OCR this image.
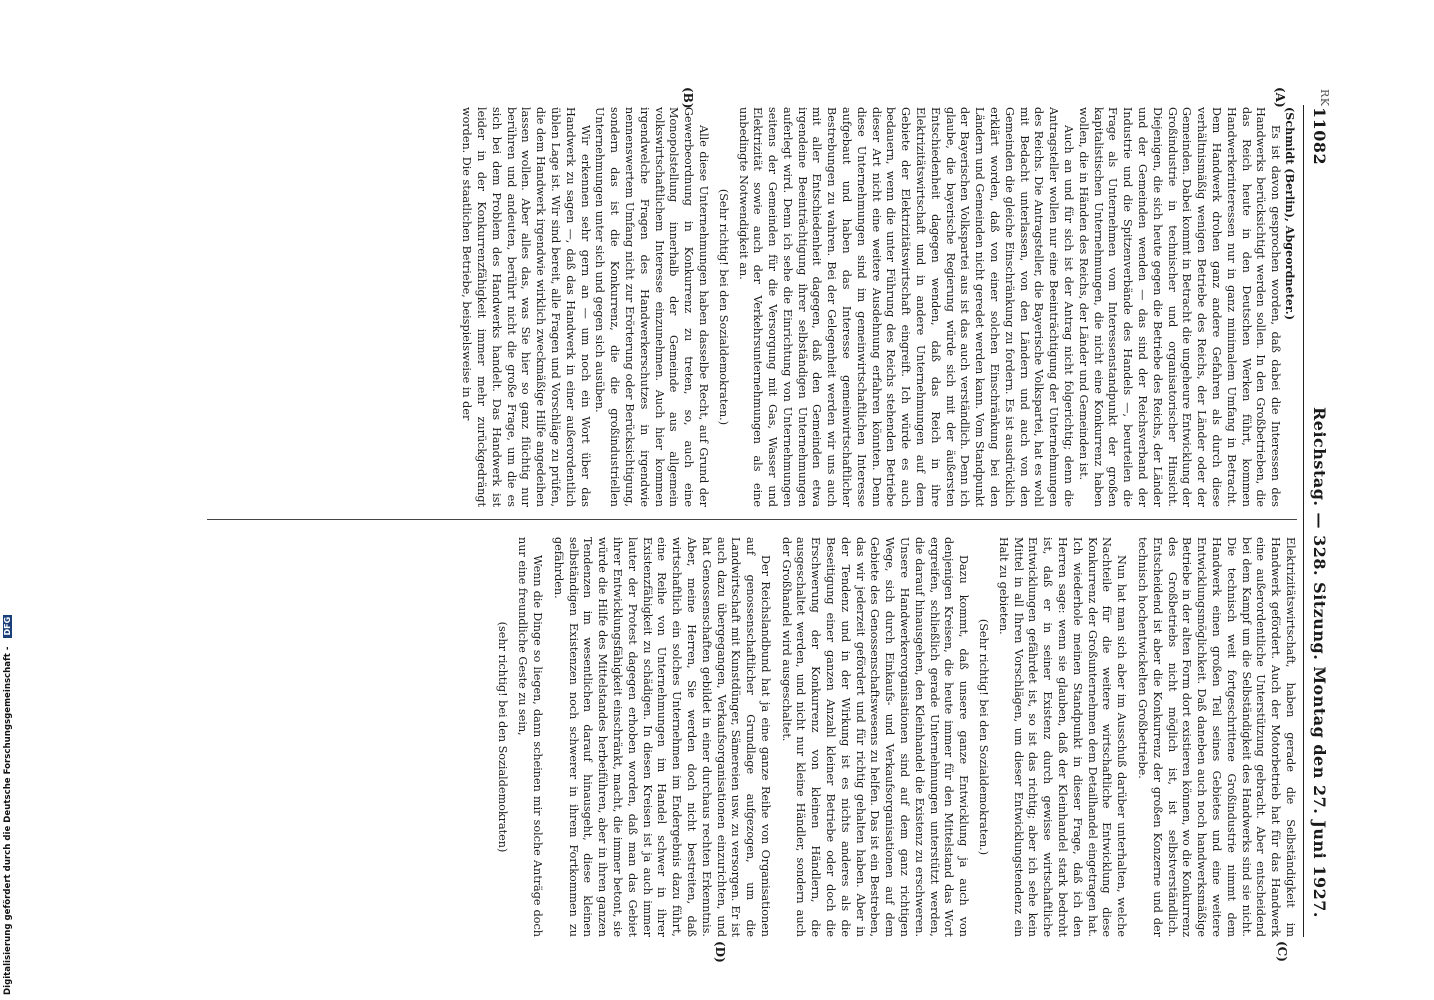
RK
11082
Reichstag. — 328. Sitzung. Montag den 27. Juni 1927.
(A)
(B)
(C)
(D)

(Schmidt (Berlin), Abgeordneter.)

Es ist davon gesprochen worden, daß dabei die Interessen des Handwerks berücksichtigt werden sollen. In den Großbetrieben, die das Reich heute in den Deutschen Werken führt, kommen Handwerkerinteressen nur in ganz minimalem Umfang in Betracht. Dem Handwerk drohen ganz andere Gefahren als durch diese verhältnismäßig wenigen Betriebe des Reichs, der Länder oder der Gemeinden. Dabei kommt in Betracht die ungeheure Entwicklung der Großindustrie in technischer und organisatorischer Hinsicht. Diejenigen, die sich heute gegen die Betriebe des Reichs, der Länder und der Gemeinden wenden — das sind der Reichsverband der Industrie und die Spitzenverbände des Handels —, beurteilen die Frage als Unternehmen vom Interessenstandpunkt der großen kapitalistischen Unternehmungen, die nicht eine Konkurrenz haben wollen, die in Händen des Reichs, der Länder und Gemeinden ist.

Auch an und für sich ist der Antrag nicht folgerichtig; denn die Antragsteller wollen nur eine Beeinträchtigung der Unternehmungen des Reichs. Die Antragsteller, die Bayerische Volkspartei, hat es wohl mit Bedacht unterlassen, von den Ländern und auch von den Gemeinden die gleiche Einschränkung zu fordern. Es ist ausdrücklich erklärt worden, daß von einer solchen Einschränkung bei den Ländern und Gemeinden nicht geredet werden kann. Vom Standpunkt der Bayerischen Volkspartei aus ist das auch verständlich. Denn ich glaube, die bayerische Regierung würde sich mit der äußersten Entschiedenheit dagegen wenden, daß das Reich in ihre Elektrizitätswirtschaft und in andere Unternehmungen auf dem Gebiete der Elektrizitätswirtschaft eingreift. Ich würde es auch bedauern, wenn die unter Führung des Reichs stehenden Betriebe dieser Art nicht eine weitere Ausdehnung erfahren könnten. Denn diese Unternehmungen sind im gemeinwirtschaftlichen Interesse aufgebaut und haben das Interesse gemeinwirtschaftlicher Bestrebungen zu wahren. Bei der Gelegenheit werden wir uns auch mit aller Entschiedenheit dagegen, daß den Gemeinden etwa irgendeine Beeinträchtigung ihrer selbständigen Unternehmungen auferlegt wird. Denn ich sehe die Einrichtung von Unternehmungen seitens der Gemeinden für die Versorgung mit Gas, Wasser und Elektrizität sowie auch der Verkehrsunternehmungen als eine unbedingte Notwendigkeit an.

(Sehr richtig! bei den Sozialdemokraten.)

Alle diese Unternehmungen haben dasselbe Recht, auf Grund der Gewerbeordnung in Konkurrenz zu treten, so, auch eine Monopolstellung innerhalb der Gemeinde aus allgemein volkswirtschaftlichem Interesse einzunehmen. Auch hier kommen irgendwelche Fragen des Handwerkerschutzes in irgendwie nennenswertem Umfang nicht zur Erörterung oder Berücksichtigung, sondern das ist die Konkurrenz, die die großindustriellen Unternehmungen unter sich und gegen sich ausüben.

Wir erkennen sehr gern an — um noch ein Wort über das Handwerk zu sagen —, daß das Handwerk in einer außerordentlich üblen Lage ist. Wir sind bereit, alle Fragen und Vorschläge zu prüfen, die dem Handwerk irgendwie wirklich zweckmäßige Hilfe angedeihen lassen wollen. Aber alles das, was Sie hier so ganz flüchtig nur berühren und andeuten, berührt nicht die große Frage, um die es sich bei dem Problem des Handwerks handelt. Das Handwerk ist leider in der Konkurrenzfähigkeit immer mehr zurückgedrängt worden. Die staatlichen Betriebe, beispielsweise in der

Elektrizitätswirtschaft, haben gerade die Selbständigkeit im Handwerk gefördert. Auch der Motorbetrieb hat für das Handwerk eine außerordentliche Unterstützung gebracht. Aber entscheidend bei dem Kampf um die Selbständigkeit des Handwerks sind sie nicht. Die technisch weit fortgeschrittene Großindustrie nimmt dem Handwerk einen großen Teil seines Gebietes und eine weitere Entwicklungsmöglichkeit. Daß daneben auch noch handwerksmäßige Betriebe in der alten Form dort existieren können, wo die Konkurrenz des Großbetriebs nicht möglich ist, ist selbstverständlich. Entscheidend ist aber die Konkurrenz der großen Konzerne und der technisch hochentwickelten Großbetriebe.

Nun hat man sich aber im Ausschuß darüber unterhalten, welche Nachteile für die weitere wirtschaftliche Entwicklung diese Konkurrenz der Großunternehmen dem Detailhandel eingetragen hat. Ich wiederhole meinen Standpunkt in dieser Frage, daß ich den Herren sage: wenn sie glauben, daß der Kleinhandel stark bedroht ist, daß er in seiner Existenz durch gewisse wirtschaftliche Entwicklungen gefährdet ist, so ist das richtig; aber ich sehe kein Mittel in all Ihren Vorschlägen, um dieser Entwicklungstendenz ein Halt zu gebieten.

(Sehr richtig! bei den Sozialdemokraten.)

Dazu kommt, daß unsere ganze Entwicklung ja auch von denjenigen Kreisen, die heute immer für den Mittelstand das Wort ergreifen, schließlich gerade Unternehmungen unterstützt werden, die darauf hinausgehen, den Kleinhandel die Existenz zu erschweren. Unsere Handwerkerorganisationen sind auf dem ganz richtigen Wege, sich durch Einkaufs- und Verkaufsorganisationen auf dem Gebiete des Genossenschaftswesens zu helfen. Das ist ein Bestreben, das wir jederzeit gefördert und für richtig gehalten haben. Aber in der Tendenz und in der Wirkung ist es nichts anderes als die Beseitigung einer ganzen Anzahl kleiner Betriebe oder doch die Erschwerung der Konkurrenz von kleinen Händlern, die ausgeschaltet werden, und nicht nur kleine Händler, sondern auch der Großhandel wird ausgeschaltet.

Der Reichslandbund hat ja eine ganze Reihe von Organisationen auf genossenschaftlicher Grundlage aufgezogen, um die Landwirtschaft mit Kunstdünger, Sämereien usw. zu versorgen. Er ist auch dazu übergegangen, Verkaufsorganisationen einzurichten, und hat Genossenschaften gebildet in einer durchaus rechten Erkenntnis. Aber, meine Herren, Sie werden doch nicht bestreiten, daß wirtschaftlich ein solches Unternehmen im Endergebnis dazu führt, eine Reihe von Unternehmungen im Handel schwer in ihrer Existenzfähigkeit zu schädigen. In diesen Kreisen ist ja auch immer lauter der Protest dagegen erhoben worden, daß man das Gebiet ihrer Entwicklungsfähigkeit einschränkt, macht, die immer betont, sie würde die Hilfe des Mittelstandes herbeiführen, aber in ihren ganzen Tendenzen im wesentlichen darauf hinausgeht, diese kleinen selbständigen Existenzen noch schwerer in ihrem Fortkommen zu gefährden.

Wenn die Dinge so liegen, dann scheinen mir solche Anträge doch nur eine freundliche Geste zu sein,

(sehr richtig! bei den Sozialdemokraten)

Digitalisierung gefördert durch die Deutsche Forschungsgemeinschaft - DFG
